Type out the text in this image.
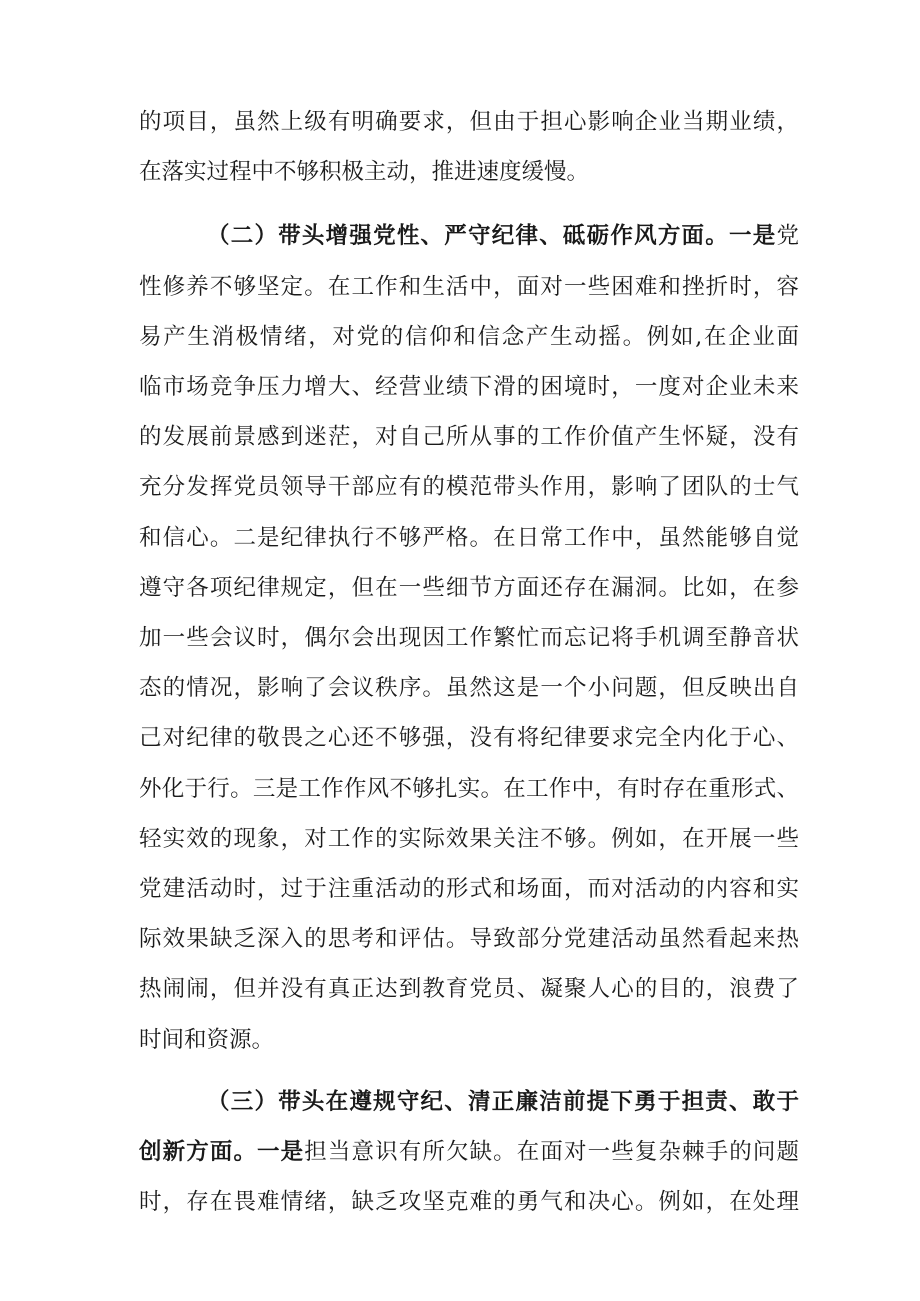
的项目，虽然上级有明确要求，但由于担心影响企业当期业绩，
在落实过程中不够积极主动，推进速度缓慢。
（二）带头增强党性、严守纪律、砥砺作风方面。一是党
性修养不够坚定。在工作和生活中，面对一些困难和挫折时，容
易产生消极情绪，对党的信仰和信念产生动摇。例如,在企业面
临市场竞争压力增大、经营业绩下滑的困境时，一度对企业未来
的发展前景感到迷茫，对自己所从事的工作价值产生怀疑，没有
充分发挥党员领导干部应有的模范带头作用，影响了团队的士气
和信心。二是纪律执行不够严格。在日常工作中，虽然能够自觉
遵守各项纪律规定，但在一些细节方面还存在漏洞。比如，在参
加一些会议时，偶尔会出现因工作繁忙而忘记将手机调至静音状
态的情况，影响了会议秩序。虽然这是一个小问题，但反映出自
己对纪律的敬畏之心还不够强，没有将纪律要求完全内化于心、
外化于行。三是工作作风不够扎实。在工作中，有时存在重形式、
轻实效的现象，对工作的实际效果关注不够。例如，在开展一些
党建活动时，过于注重活动的形式和场面，而对活动的内容和实
际效果缺乏深入的思考和评估。导致部分党建活动虽然看起来热
热闹闹，但并没有真正达到教育党员、凝聚人心的目的，浪费了
时间和资源。
（三）带头在遵规守纪、清正廉洁前提下勇于担责、敢于
创新方面。一是担当意识有所欠缺。在面对一些复杂棘手的问题
时，存在畏难情绪，缺乏攻坚克难的勇气和决心。例如，在处理
